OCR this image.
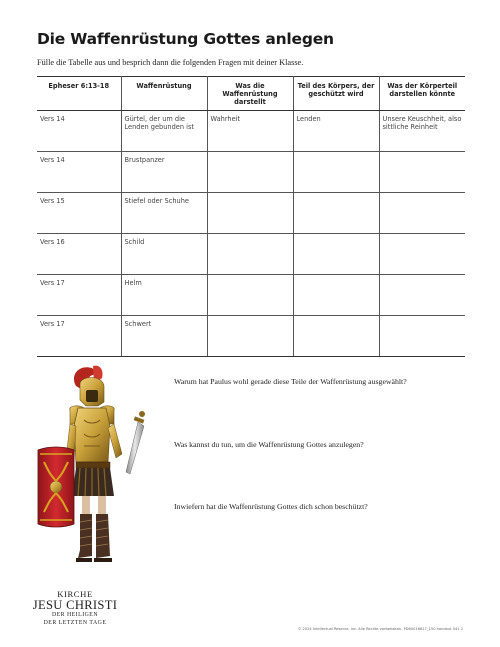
Die Waffenrüstung Gottes anlegen
Fülle die Tabelle aus und besprich dann die folgenden Fragen mit deiner Klasse.
Epheser 6:13-18	Waffenrüstung	Was die Waffenrüstung darstellt	Teil des Körpers, der geschützt wird	Was der Körperteil darstellen könnte
Vers 14	Gürtel, der um die Lenden gebunden ist	Wahrheit	Lenden	Unsere Keuschheit, also sittliche Reinheit
Vers 14	Brustpanzer			
Vers 15	Stiefel oder Schuhe			
Vers 16	Schild			
Vers 17	Helm			
Vers 17	Schwert			
Warum hat Paulus wohl gerade diese Teile der Waffenrüstung ausgewählt?
Was kannst du tun, um die Waffenrüstung Gottes anzulegen?
Inwiefern hat die Waffenrüstung Gottes dich schon beschützt?
KIRCHE
JESU CHRISTI
DER HEILIGEN
DER LETZTEN TAGE
© 2024 Intellectual Reserve, Inc. Alle Rechte vorbehalten. PD60016627_150 handout 041 2
